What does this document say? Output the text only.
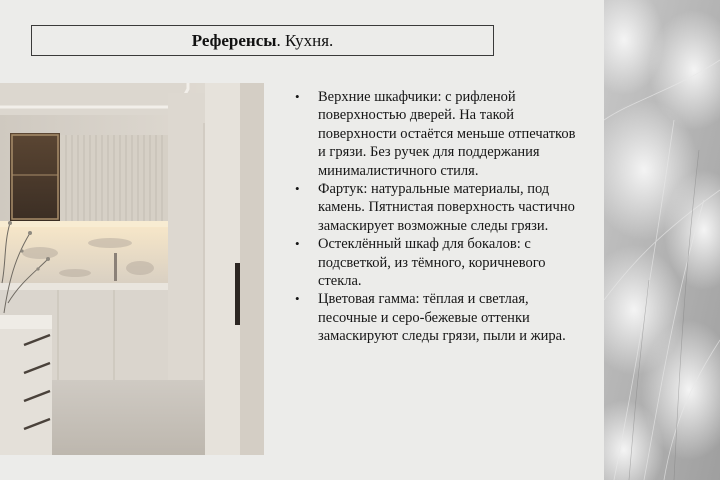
Референсы . Кухня.
• Верхние шкафчики: с рифленой поверхностью дверей. На такой поверхности остаётся меньше отпечатков и грязи. Без ручек для поддержания минималистичного стиля.
• Фартук: натуральные материалы, под камень. Пятнистая поверхность частично замаскирует возможные следы грязи.
• Остеклённый шкаф для бокалов: с подсветкой, из тёмного, коричневого стекла.
• Цветовая гамма: тёплая и светлая, песочные и серо-бежевые оттенки замаскируют следы грязи, пыли и жира.
